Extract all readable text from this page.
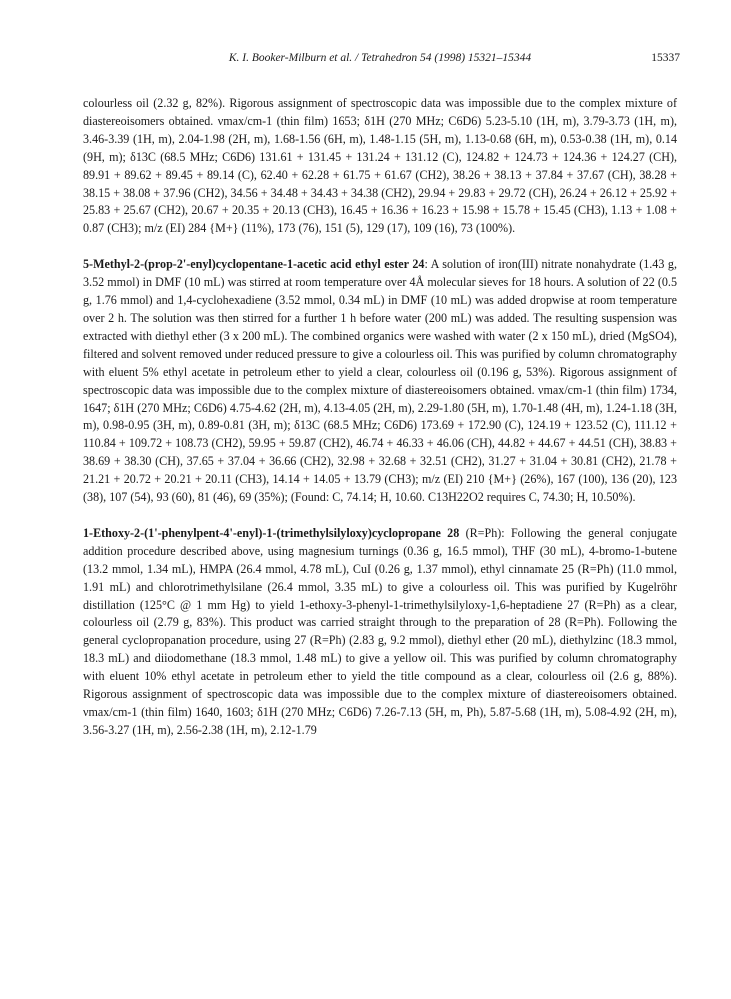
K. I. Booker-Milburn et al. / Tetrahedron 54 (1998) 15321–15344	15337

colourless oil (2.32 g, 82%). Rigorous assignment of spectroscopic data was impossible due to the complex mixture of diastereoisomers obtained. νmax/cm-1 (thin film) 1653; δ1H (270 MHz; C6D6) 5.23-5.10 (1H, m), 3.79-3.73 (1H, m), 3.46-3.39 (1H, m), 2.04-1.98 (2H, m), 1.68-1.56 (6H, m), 1.48-1.15 (5H, m), 1.13-0.68 (6H, m), 0.53-0.38 (1H, m), 0.14 (9H, m); δ13C (68.5 MHz; C6D6) 131.61 + 131.45 + 131.24 + 131.12 (C), 124.82 + 124.73 + 124.36 + 124.27 (CH), 89.91 + 89.62 + 89.45 + 89.14 (C), 62.40 + 62.28 + 61.75 + 61.67 (CH2), 38.26 + 38.13 + 37.84 + 37.67 (CH), 38.28 + 38.15 + 38.08 + 37.96 (CH2), 34.56 + 34.48 + 34.43 + 34.38 (CH2), 29.94 + 29.83 + 29.72 (CH), 26.24 + 26.12 + 25.92 + 25.83 + 25.67 (CH2), 20.67 + 20.35 + 20.13 (CH3), 16.45 + 16.36 + 16.23 + 15.98 + 15.78 + 15.45 (CH3), 1.13 + 1.08 + 0.87 (CH3); m/z (EI) 284 {M+} (11%), 173 (76), 151 (5), 129 (17), 109 (16), 73 (100%).

5-Methyl-2-(prop-2'-enyl)cyclopentane-1-acetic acid ethyl ester 24: A solution of iron(III) nitrate nonahydrate (1.43 g, 3.52 mmol) in DMF (10 mL) was stirred at room temperature over 4Å molecular sieves for 18 hours. A solution of 22 (0.5 g, 1.76 mmol) and 1,4-cyclohexadiene (3.52 mmol, 0.34 mL) in DMF (10 mL) was added dropwise at room temperature over 2 h. The solution was then stirred for a further 1 h before water (200 mL) was added. The resulting suspension was extracted with diethyl ether (3 x 200 mL). The combined organics were washed with water (2 x 150 mL), dried (MgSO4), filtered and solvent removed under reduced pressure to give a colourless oil. This was purified by column chromatography with eluent 5% ethyl acetate in petroleum ether to yield a clear, colourless oil (0.196 g, 53%). Rigorous assignment of spectroscopic data was impossible due to the complex mixture of diastereoisomers obtained. νmax/cm-1 (thin film) 1734, 1647; δ1H (270 MHz; C6D6) 4.75-4.62 (2H, m), 4.13-4.05 (2H, m), 2.29-1.80 (5H, m), 1.70-1.48 (4H, m), 1.24-1.18 (3H, m), 0.98-0.95 (3H, m), 0.89-0.81 (3H, m); δ13C (68.5 MHz; C6D6) 173.69 + 172.90 (C), 124.19 + 123.52 (C), 111.12 + 110.84 + 109.72 + 108.73 (CH2), 59.95 + 59.87 (CH2), 46.74 + 46.33 + 46.06 (CH), 44.82 + 44.67 + 44.51 (CH), 38.83 + 38.69 + 38.30 (CH), 37.65 + 37.04 + 36.66 (CH2), 32.98 + 32.68 + 32.51 (CH2), 31.27 + 31.04 + 30.81 (CH2), 21.78 + 21.21 + 20.72 + 20.21 + 20.11 (CH3), 14.14 + 14.05 + 13.79 (CH3); m/z (EI) 210 {M+} (26%), 167 (100), 136 (20), 123 (38), 107 (54), 93 (60), 81 (46), 69 (35%); (Found: C, 74.14; H, 10.60. C13H22O2 requires C, 74.30; H, 10.50%).

1-Ethoxy-2-(1'-phenylpent-4'-enyl)-1-(trimethylsilyloxy)cyclopropane 28 (R=Ph): Following the general conjugate addition procedure described above, using magnesium turnings (0.36 g, 16.5 mmol), THF (30 mL), 4-bromo-1-butene (13.2 mmol, 1.34 mL), HMPA (26.4 mmol, 4.78 mL), CuI (0.26 g, 1.37 mmol), ethyl cinnamate 25 (R=Ph) (11.0 mmol, 1.91 mL) and chlorotrimethylsilane (26.4 mmol, 3.35 mL) to give a colourless oil. This was purified by Kugelröhr distillation (125°C @ 1 mm Hg) to yield 1-ethoxy-3-phenyl-1-trimethylsilyloxy-1,6-heptadiene 27 (R=Ph) as a clear, colourless oil (2.79 g, 83%). This product was carried straight through to the preparation of 28 (R=Ph). Following the general cyclopropanation procedure, using 27 (R=Ph) (2.83 g, 9.2 mmol), diethyl ether (20 mL), diethylzinc (18.3 mmol, 18.3 mL) and diiodomethane (18.3 mmol, 1.48 mL) to give a yellow oil. This was purified by column chromatography with eluent 10% ethyl acetate in petroleum ether to yield the title compound as a clear, colourless oil (2.6 g, 88%). Rigorous assignment of spectroscopic data was impossible due to the complex mixture of diastereoisomers obtained. νmax/cm-1 (thin film) 1640, 1603; δ1H (270 MHz; C6D6) 7.26-7.13 (5H, m, Ph), 5.87-5.68 (1H, m), 5.08-4.92 (2H, m), 3.56-3.27 (1H, m), 2.56-2.38 (1H, m), 2.12-1.79
